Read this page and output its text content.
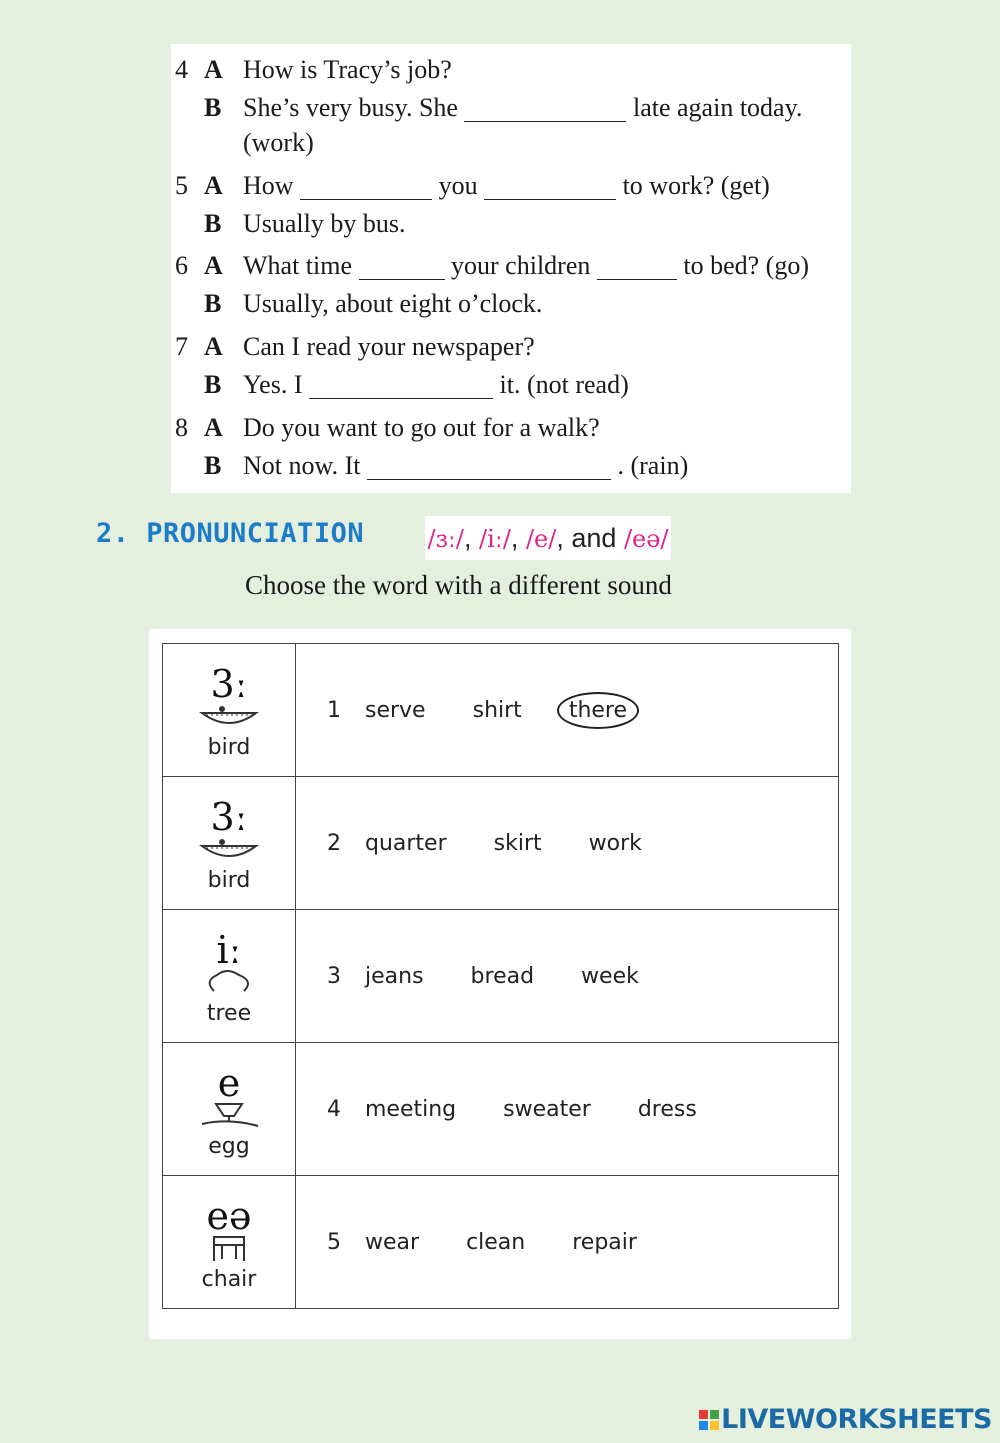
4 A How is Tracy’s job?
B She’s very busy. She	late again today.
(work)
5 A How	you	to work? (get)
B Usually by bus.
6 A What time	your children	to bed? (go)
B Usually, about eight o’clock.
7 A Can I read your newspaper?
B Yes. I	it. (not read)
8 A Do you want to go out for a walk?
B Not now. It	. (rain)
2. PRONUNCIATION	/ɜː/, /iː/, /e/, and /eə/
Choose the word with a different sound
3ː
bird	1 serve shirt there

3ː
bird	2 quarter skirt work

iː
tree	3 jeans bread week

e
egg	4 meeting sweater dress

eə
chair	5 wear clean repair
LIVEWORKSHEETS
